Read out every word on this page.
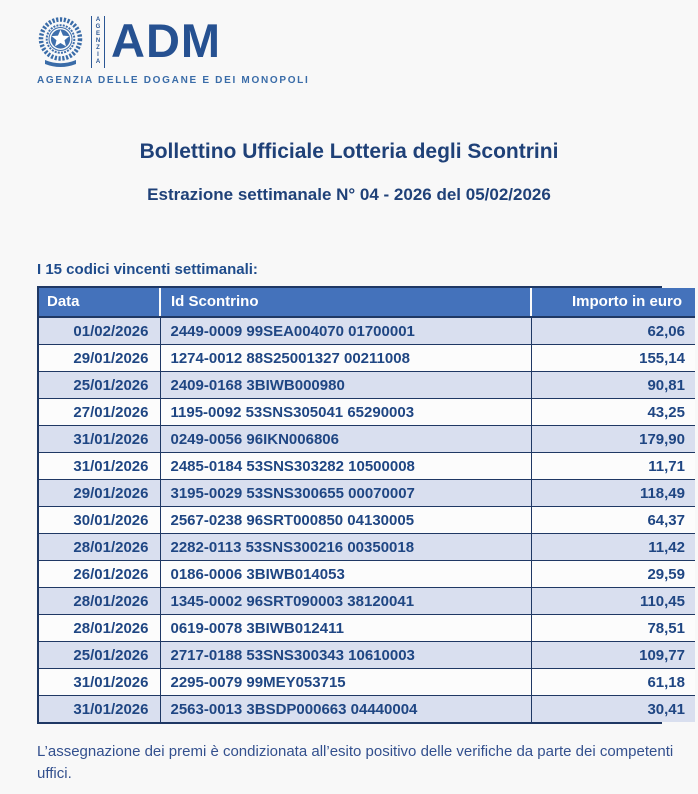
AGENZIA ADM
AGENZIA DELLE DOGANE E DEI MONOPOLI
Bollettino Ufficiale Lotteria degli Scontrini
Estrazione settimanale N° 04 - 2026 del 05/02/2026
I 15 codici vincenti settimanali:
Data	Id Scontrino	Importo in euro
01/02/2026	2449-0009 99SEA004070 01700001	62,06
29/01/2026	1274-0012 88S25001327 00211008	155,14
25/01/2026	2409-0168 3BIWB000980	90,81
27/01/2026	1195-0092 53SNS305041 65290003	43,25
31/01/2026	0249-0056 96IKN006806	179,90
31/01/2026	2485-0184 53SNS303282 10500008	11,71
29/01/2026	3195-0029 53SNS300655 00070007	118,49
30/01/2026	2567-0238 96SRT000850 04130005	64,37
28/01/2026	2282-0113 53SNS300216 00350018	11,42
26/01/2026	0186-0006 3BIWB014053	29,59
28/01/2026	1345-0002 96SRT090003 38120041	110,45
28/01/2026	0619-0078 3BIWB012411	78,51
25/01/2026	2717-0188 53SNS300343 10610003	109,77
31/01/2026	2295-0079 99MEY053715	61,18
31/01/2026	2563-0013 3BSDP000663 04440004	30,41
L’assegnazione dei premi è condizionata all’esito positivo delle verifiche da parte dei competenti uffici.
